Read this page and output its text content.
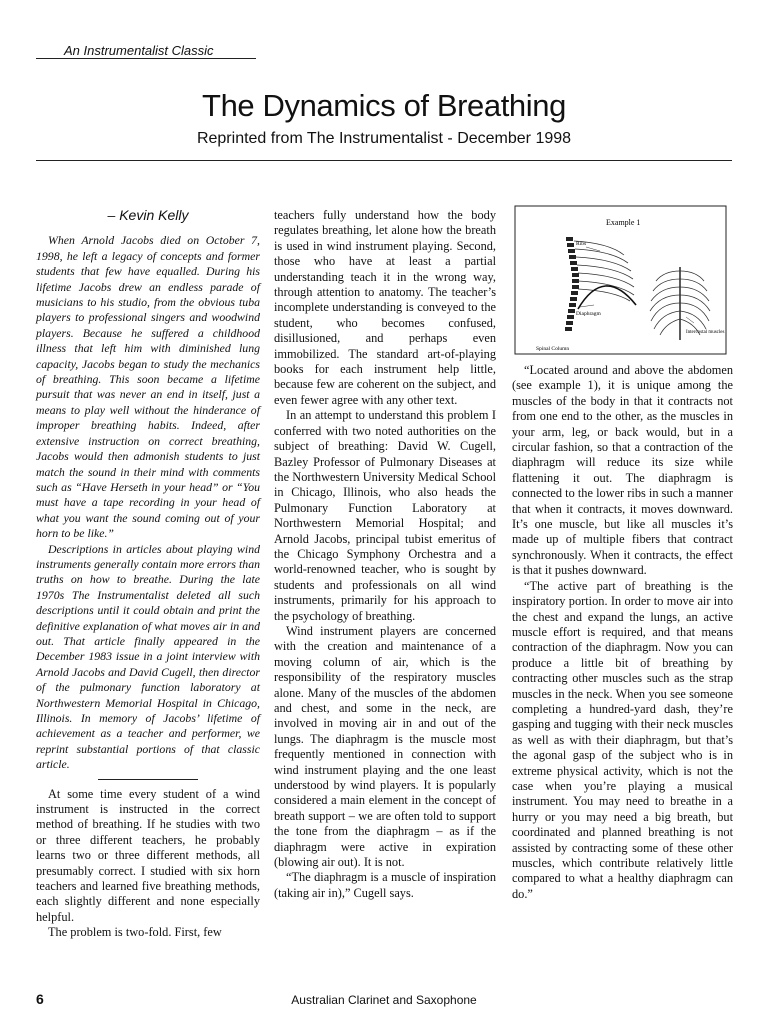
An Instrumentalist Classic
The Dynamics of Breathing
Reprinted from The Instrumentalist - December 1998
– Kevin Kelly

When Arnold Jacobs died on October 7, 1998, he left a legacy of concepts and former students that few have equalled. During his lifetime Jacobs drew an endless parade of musicians to his studio, from the obvious tuba players to professional singers and woodwind players. Because he suffered a childhood illness that left him with diminished lung capacity, Jacobs began to study the mechanics of breathing. This soon became a lifetime pursuit that was never an end in itself, just a means to play well without the hinderance of improper breathing habits. Indeed, after extensive instruction on correct breathing, Jacobs would then admonish students to just match the sound in their mind with comments such as “Have Herseth in your head” or “You must have a tape recording in your head of what you want the sound coming out of your horn to be like.”

Descriptions in articles about playing wind instruments generally contain more errors than truths on how to breathe. During the late 1970s The Instrumentalist deleted all such descriptions until it could obtain and print the definitive explanation of what moves air in and out. That article finally appeared in the December 1983 issue in a joint interview with Arnold Jacobs and David Cugell, then director of the pulmonary function laboratory at Northwestern Memorial Hospital in Chicago, Illinois. In memory of Jacobs’ lifetime of achievement as a teacher and performer, we reprint substantial portions of that classic article.

At some time every student of a wind instrument is instructed in the correct method of breathing. If he studies with two or three different teachers, he probably learns two or three different methods, all presumably correct. I studied with six horn teachers and learned five breathing methods, each slightly different and none especially helpful.

The problem is two-fold. First, few

teachers fully understand how the body regulates breathing, let alone how the breath is used in wind instrument playing. Second, those who have at least a partial understanding teach it in the wrong way, through attention to anatomy. The teacher’s incomplete understanding is conveyed to the student, who becomes confused, disillusioned, and perhaps even immobilized. The standard art-of-playing books for each instrument help little, because few are coherent on the subject, and even fewer agree with any other text.

In an attempt to understand this problem I conferred with two noted authorities on the subject of breathing: David W. Cugell, Bazley Professor of Pulmonary Diseases at the Northwestern University Medical School in Chicago, Illinois, who also heads the Pulmonary Function Laboratory at Northwestern Memorial Hospital; and Arnold Jacobs, principal tubist emeritus of the Chicago Symphony Orchestra and a world-renowned teacher, who is sought by students and professionals on all wind instruments, primarily for his approach to the psychology of breathing.

Wind instrument players are concerned with the creation and maintenance of a moving column of air, which is the responsibility of the respiratory muscles alone. Many of the muscles of the abdomen and chest, and some in the neck, are involved in moving air in and out of the lungs. The diaphragm is the muscle most frequently mentioned in connection with wind instrument playing and the one least understood by wind players. It is popularly considered a main element in the concept of breath support – we are often told to support the tone from the diaphragm – as if the diaphragm were active in expiration (blowing air out). It is not.

“The diaphragm is a muscle of inspiration (taking air in),” Cugell says.

Example 1
Ribs
Diaphragm
Intercostal muscles
Spinal Column

“Located around and above the abdomen (see example 1), it is unique among the muscles of the body in that it contracts not from one end to the other, as the muscles in your arm, leg, or back would, but in a circular fashion, so that a contraction of the diaphragm will reduce its size while flattening it out. The diaphragm is connected to the lower ribs in such a manner that when it contracts, it moves downward. It’s one muscle, but like all muscles it’s made up of multiple fibers that contract synchronously. When it contracts, the effect is that it pushes downward.

“The active part of breathing is the inspiratory portion. In order to move air into the chest and expand the lungs, an active muscle effort is required, and that means contraction of the diaphragm. Now you can produce a little bit of breathing by contracting other muscles such as the strap muscles in the neck. When you see someone completing a hundred-yard dash, they’re gasping and tugging with their neck muscles as well as with their diaphragm, but that’s the agonal gasp of the subject who is in extreme physical activity, which is not the case when you’re playing a musical instrument. You may need to breathe in a hurry or you may need a big breath, but coordinated and planned breathing is not assisted by contracting some of these other muscles, which contribute relatively little compared to what a healthy diaphragm can do.”

6	Australian Clarinet and Saxophone
